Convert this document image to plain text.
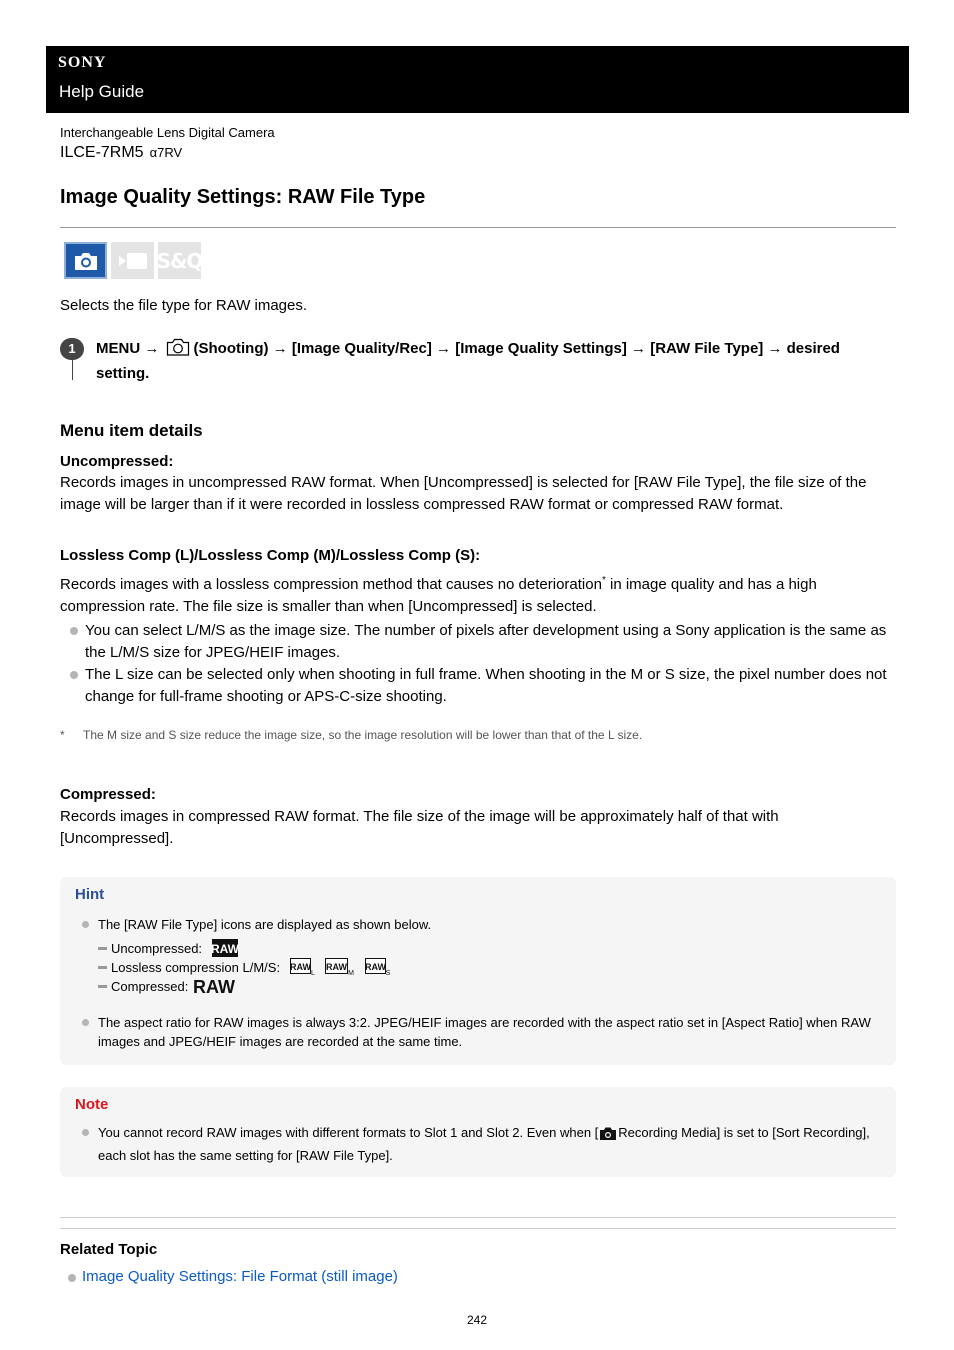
SONY
Help Guide
Interchangeable Lens Digital Camera
ILCE-7RM5 α7RV
Image Quality Settings: RAW File Type
S&Q
Selects the file type for RAW images.
1	MENU → (Shooting) → [Image Quality/Rec] → [Image Quality Settings] → [RAW File Type] → desired setting.
Menu item details
Uncompressed:
Records images in uncompressed RAW format. When [Uncompressed] is selected for [RAW File Type], the file size of the image will be larger than if it were recorded in lossless compressed RAW format or compressed RAW format.
Lossless Comp (L)/Lossless Comp (M)/Lossless Comp (S):
Records images with a lossless compression method that causes no deterioration* in image quality and has a high compression rate. The file size is smaller than when [Uncompressed] is selected.
You can select L/M/S as the image size. The number of pixels after development using a Sony application is the same as the L/M/S size for JPEG/HEIF images.
The L size can be selected only when shooting in full frame. When shooting in the M or S size, the pixel number does not change for full-frame shooting or APS-C-size shooting.
* The M size and S size reduce the image size, so the image resolution will be lower than that of the L size.
Compressed:
Records images in compressed RAW format. The file size of the image will be approximately half of that with [Uncompressed].
Hint
The [RAW File Type] icons are displayed as shown below.
Uncompressed: RAW
Lossless compression L/M/S: RAW
L

RAW
M

RAW
S
Compressed: RAW
The aspect ratio for RAW images is always 3:2. JPEG/HEIF images are recorded with the aspect ratio set in [Aspect Ratio] when RAW images and JPEG/HEIF images are recorded at the same time.
Note
You cannot record RAW images with different formats to Slot 1 and Slot 2. Even when [ Recording Media] is set to [Sort Recording], each slot has the same setting for [RAW File Type].
Related Topic
Image Quality Settings: File Format (still image)
242
